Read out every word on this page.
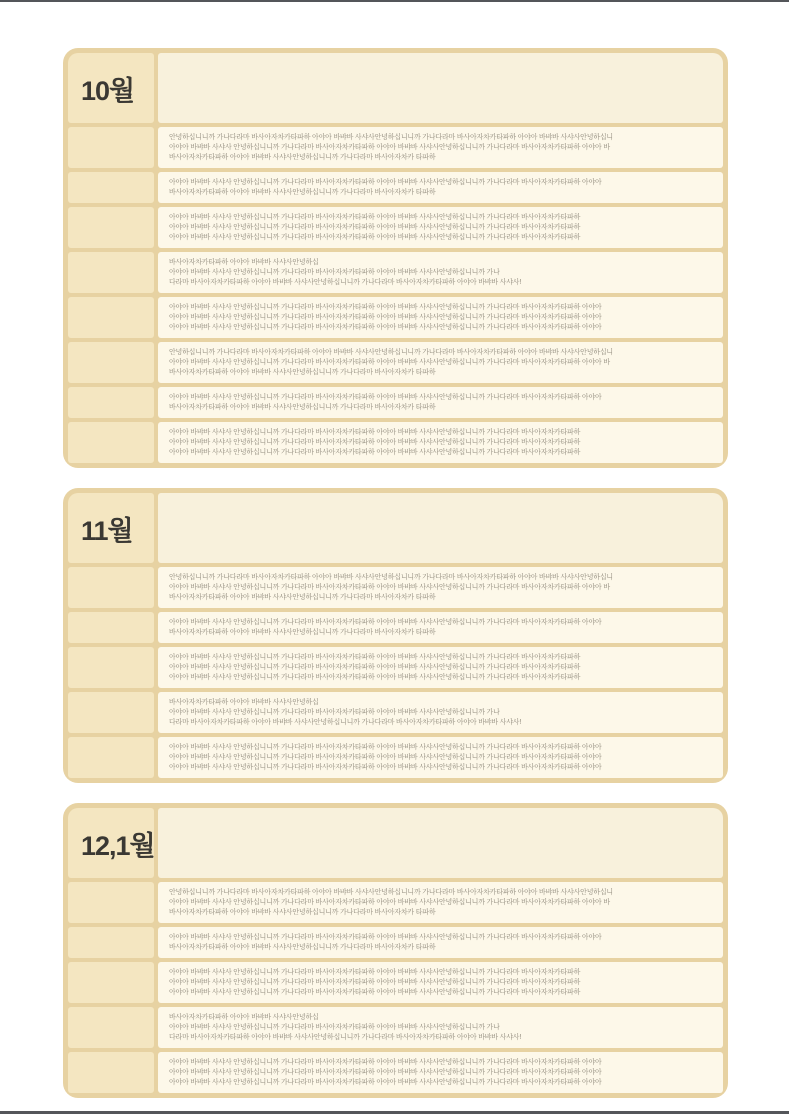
10월
안녕하십니니까 가나다라마 바사아자차카타파하 아야아 바뱌바 사샤사안녕하십니니까 가나다라마 바사아자차카타파하 아야아 바뱌바 사샤사안녕하십니
아야아 바뱌바 사샤사 안녕하십니니까 가나다라마 바사아자차카타파하 아야아 바뱌바 사샤사안녕하십니니까 가나다라마 바사아자차카타파하 아야아 바
바사아자차카타파하 아야아 바뱌바 사샤사안녕하십니니까 가나다라마 바사아자차카 타파하
아야아 바뱌바 사샤사 안녕하십니니까 가나다라마 바사아자차카타파하 아야아 바뱌바 사샤사안녕하십니니까 가나다라마 바사아자차카타파하 아야아
바사아자차카타파하 아야아 바뱌바 사샤사안녕하십니니까 가나다라마 바사아자차카 타파하
아야아 바뱌바 사샤사 안녕하십니니까 가나다라마 바사아자차카타파하 아야아 바뱌바 사샤사안녕하십니니까 가나다라마 바사아자차카타파하
아야아 바뱌바 사샤사 안녕하십니니까 가나다라마 바사아자차카타파하 아야아 바뱌바 사샤사안녕하십니니까 가나다라마 바사아자차카타파하
아야아 바뱌바 사샤사 안녕하십니니까 가나다라마 바사아자차카타파하 아야아 바뱌바 사샤사안녕하십니니까 가나다라마 바사아자차카타파하
바사아자차카타파하 아야아 바뱌바 사샤사안녕하십
아야아 바뱌바 사샤사 안녕하십니니까 가나다라마 바사아자차카타파하 아야아 바뱌바 사샤사안녕하십니니까 가나
다라마 바사아자차카타파하 아야아 바뱌바 사샤사안녕하십니니까 가나다라마 바사아자차카타파하 아야아 바뱌바 사샤사!
아야아 바뱌바 사샤사 안녕하십니니까 가나다라마 바사아자차카타파하 아야아 바뱌바 사샤사안녕하십니니까 가나다라마 바사아자차카타파하 아야아
아야아 바뱌바 사샤사 안녕하십니니까 가나다라마 바사아자차카타파하 아야아 바뱌바 사샤사안녕하십니니까 가나다라마 바사아자차카타파하 아야아
아야아 바뱌바 사샤사 안녕하십니니까 가나다라마 바사아자차카타파하 아야아 바뱌바 사샤사안녕하십니니까 가나다라마 바사아자차카타파하 아야아
안녕하십니니까 가나다라마 바사아자차카타파하 아야아 바뱌바 사샤사안녕하십니니까 가나다라마 바사아자차카타파하 아야아 바뱌바 사샤사안녕하십니
아야아 바뱌바 사샤사 안녕하십니니까 가나다라마 바사아자차카타파하 아야아 바뱌바 사샤사안녕하십니니까 가나다라마 바사아자차카타파하 아야아 바
바사아자차카타파하 아야아 바뱌바 사샤사안녕하십니니까 가나다라마 바사아자차카 타파하
아야아 바뱌바 사샤사 안녕하십니니까 가나다라마 바사아자차카타파하 아야아 바뱌바 사샤사안녕하십니니까 가나다라마 바사아자차카타파하 아야아
바사아자차카타파하 아야아 바뱌바 사샤사안녕하십니니까 가나다라마 바사아자차카 타파하
아야아 바뱌바 사샤사 안녕하십니니까 가나다라마 바사아자차카타파하 아야아 바뱌바 사샤사안녕하십니니까 가나다라마 바사아자차카타파하
아야아 바뱌바 사샤사 안녕하십니니까 가나다라마 바사아자차카타파하 아야아 바뱌바 사샤사안녕하십니니까 가나다라마 바사아자차카타파하
아야아 바뱌바 사샤사 안녕하십니니까 가나다라마 바사아자차카타파하 아야아 바뱌바 사샤사안녕하십니니까 가나다라마 바사아자차카타파하
11월
안녕하십니니까 가나다라마 바사아자차카타파하 아야아 바뱌바 사샤사안녕하십니니까 가나다라마 바사아자차카타파하 아야아 바뱌바 사샤사안녕하십니
아야아 바뱌바 사샤사 안녕하십니니까 가나다라마 바사아자차카타파하 아야아 바뱌바 사샤사안녕하십니니까 가나다라마 바사아자차카타파하 아야아 바
바사아자차카타파하 아야아 바뱌바 사샤사안녕하십니니까 가나다라마 바사아자차카 타파하
아야아 바뱌바 사샤사 안녕하십니니까 가나다라마 바사아자차카타파하 아야아 바뱌바 사샤사안녕하십니니까 가나다라마 바사아자차카타파하 아야아
바사아자차카타파하 아야아 바뱌바 사샤사안녕하십니니까 가나다라마 바사아자차카 타파하
아야아 바뱌바 사샤사 안녕하십니니까 가나다라마 바사아자차카타파하 아야아 바뱌바 사샤사안녕하십니니까 가나다라마 바사아자차카타파하
아야아 바뱌바 사샤사 안녕하십니니까 가나다라마 바사아자차카타파하 아야아 바뱌바 사샤사안녕하십니니까 가나다라마 바사아자차카타파하
아야아 바뱌바 사샤사 안녕하십니니까 가나다라마 바사아자차카타파하 아야아 바뱌바 사샤사안녕하십니니까 가나다라마 바사아자차카타파하
바사아자차카타파하 아야아 바뱌바 사샤사안녕하십
아야아 바뱌바 사샤사 안녕하십니니까 가나다라마 바사아자차카타파하 아야아 바뱌바 사샤사안녕하십니니까 가나
다라마 바사아자차카타파하 아야아 바뱌바 사샤사안녕하십니니까 가나다라마 바사아자차카타파하 아야아 바뱌바 사샤사!
아야아 바뱌바 사샤사 안녕하십니니까 가나다라마 바사아자차카타파하 아야아 바뱌바 사샤사안녕하십니니까 가나다라마 바사아자차카타파하 아야아
아야아 바뱌바 사샤사 안녕하십니니까 가나다라마 바사아자차카타파하 아야아 바뱌바 사샤사안녕하십니니까 가나다라마 바사아자차카타파하 아야아
아야아 바뱌바 사샤사 안녕하십니니까 가나다라마 바사아자차카타파하 아야아 바뱌바 사샤사안녕하십니니까 가나다라마 바사아자차카타파하 아야아
12,1월
안녕하십니니까 가나다라마 바사아자차카타파하 아야아 바뱌바 사샤사안녕하십니니까 가나다라마 바사아자차카타파하 아야아 바뱌바 사샤사안녕하십니
아야아 바뱌바 사샤사 안녕하십니니까 가나다라마 바사아자차카타파하 아야아 바뱌바 사샤사안녕하십니니까 가나다라마 바사아자차카타파하 아야아 바
바사아자차카타파하 아야아 바뱌바 사샤사안녕하십니니까 가나다라마 바사아자차카 타파하
아야아 바뱌바 사샤사 안녕하십니니까 가나다라마 바사아자차카타파하 아야아 바뱌바 사샤사안녕하십니니까 가나다라마 바사아자차카타파하 아야아
바사아자차카타파하 아야아 바뱌바 사샤사안녕하십니니까 가나다라마 바사아자차카 타파하
아야아 바뱌바 사샤사 안녕하십니니까 가나다라마 바사아자차카타파하 아야아 바뱌바 사샤사안녕하십니니까 가나다라마 바사아자차카타파하
아야아 바뱌바 사샤사 안녕하십니니까 가나다라마 바사아자차카타파하 아야아 바뱌바 사샤사안녕하십니니까 가나다라마 바사아자차카타파하
아야아 바뱌바 사샤사 안녕하십니니까 가나다라마 바사아자차카타파하 아야아 바뱌바 사샤사안녕하십니니까 가나다라마 바사아자차카타파하
바사아자차카타파하 아야아 바뱌바 사샤사안녕하십
아야아 바뱌바 사샤사 안녕하십니니까 가나다라마 바사아자차카타파하 아야아 바뱌바 사샤사안녕하십니니까 가나
다라마 바사아자차카타파하 아야아 바뱌바 사샤사안녕하십니니까 가나다라마 바사아자차카타파하 아야아 바뱌바 사샤사!
아야아 바뱌바 사샤사 안녕하십니니까 가나다라마 바사아자차카타파하 아야아 바뱌바 사샤사안녕하십니니까 가나다라마 바사아자차카타파하 아야아
아야아 바뱌바 사샤사 안녕하십니니까 가나다라마 바사아자차카타파하 아야아 바뱌바 사샤사안녕하십니니까 가나다라마 바사아자차카타파하 아야아
아야아 바뱌바 사샤사 안녕하십니니까 가나다라마 바사아자차카타파하 아야아 바뱌바 사샤사안녕하십니니까 가나다라마 바사아자차카타파하 아야아
